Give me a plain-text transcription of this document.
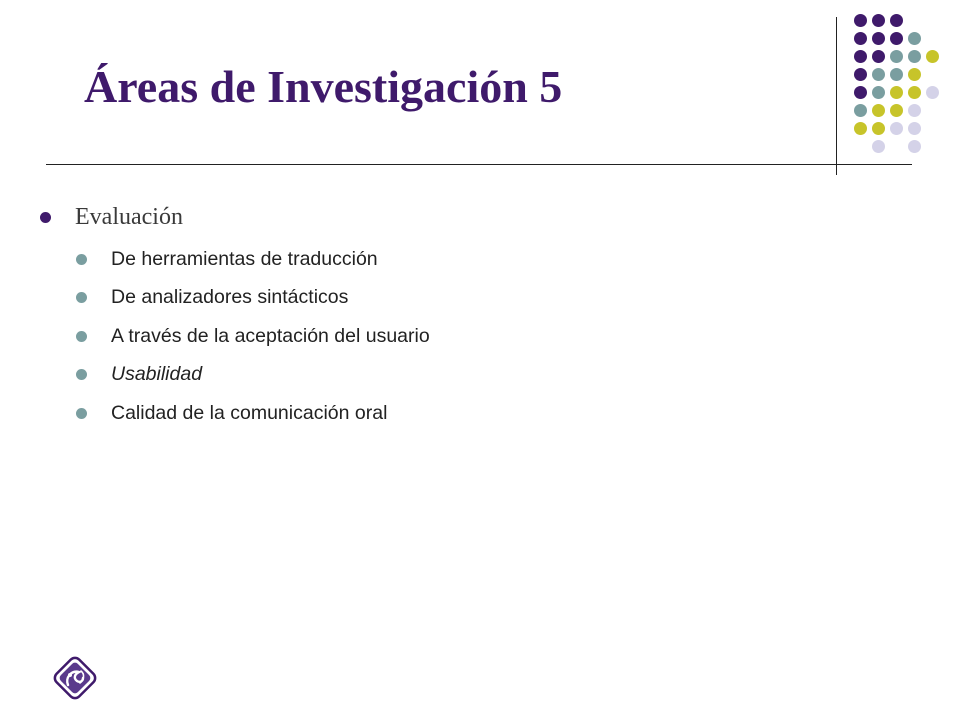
Áreas de Investigación 5
Evaluación
De herramientas de traducción
De analizadores sintácticos
A través de la aceptación del usuario
Usabilidad
Calidad de la comunicación oral
